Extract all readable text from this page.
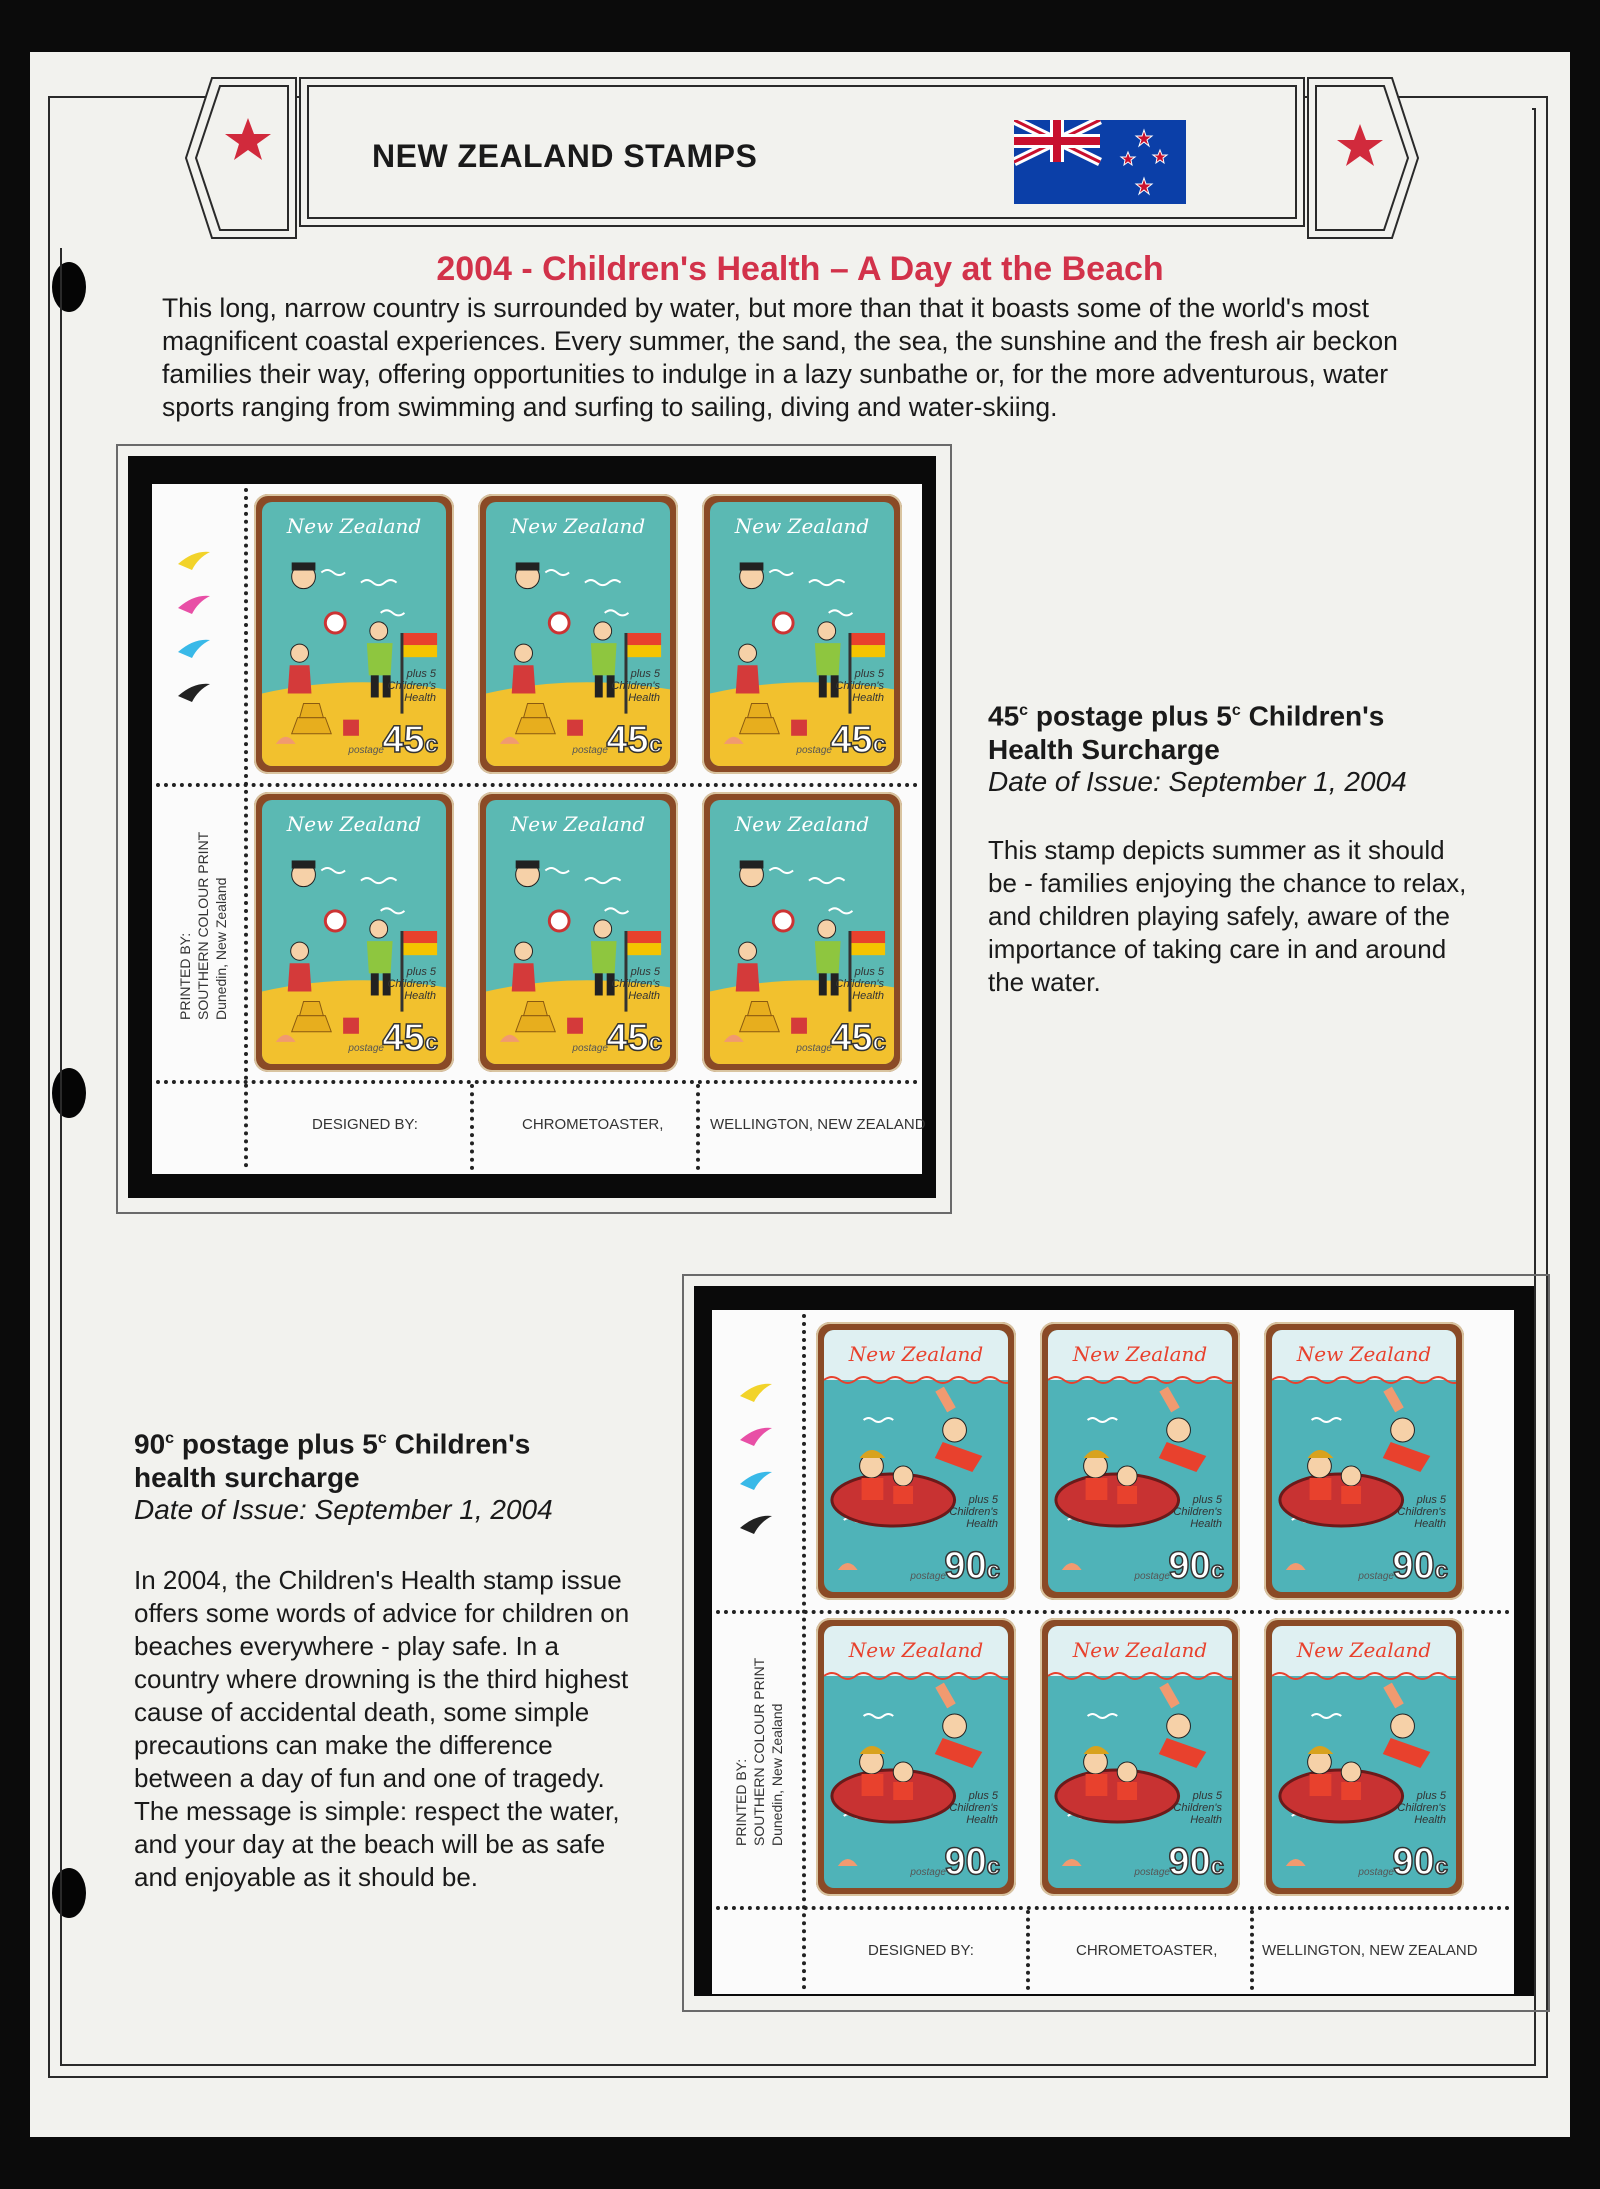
NEW ZEALAND STAMPS
2004 - Children's Health – A Day at the Beach
This long, narrow country is surrounded by water, but more than that it boasts some of the world's most magnificent coastal experiences. Every summer, the sand, the sea, the sunshine and the fresh air beckon families their way, offering opportunities to indulge in a lazy sunbathe or, for the more adventurous, water sports ranging from swimming and surfing to sailing, diving and water-skiing.
PRINTED BY: SOUTHERN COLOUR PRINT Dunedin, New Zealand
DESIGNED BY:	CHROMETOASTER,	WELLINGTON, NEW ZEALAND
New Zealand
plus 5
Children's
Health
postage
45c
New Zealand
plus 5
Children's
Health
postage
45c
New Zealand
plus 5
Children's
Health
postage
45c
New Zealand
plus 5
Children's
Health
postage
45c
New Zealand
plus 5
Children's
Health
postage
45c
New Zealand
plus 5
Children's
Health
postage
45c
45$^c$ postage plus 5$^c$ Children's
Health Surcharge
Date of Issue: September 1, 2004
This stamp depicts summer as it should be - families enjoying the chance to relax, and children playing safely, aware of the importance of taking care in and around the water.
PRINTED BY: SOUTHERN COLOUR PRINT Dunedin, New Zealand
DESIGNED BY:	CHROMETOASTER,	WELLINGTON, NEW ZEALAND
New Zealand
plus 5
Children's
Health
postage
90c
New Zealand
plus 5
Children's
Health
postage
90c
New Zealand
plus 5
Children's
Health
postage
90c
New Zealand
plus 5
Children's
Health
postage
90c
New Zealand
plus 5
Children's
Health
postage
90c
New Zealand
plus 5
Children's
Health
postage
90c
90$^c$ postage plus 5$^c$ Children's
health surcharge
Date of Issue: September 1, 2004
In 2004, the Children's Health stamp issue offers some words of advice for children on beaches everywhere - play safe. In a country where drowning is the third highest cause of accidental death, some simple precautions can make the difference between a day of fun and one of tragedy. The message is simple: respect the water, and your day at the beach will be as safe and enjoyable as it should be.
